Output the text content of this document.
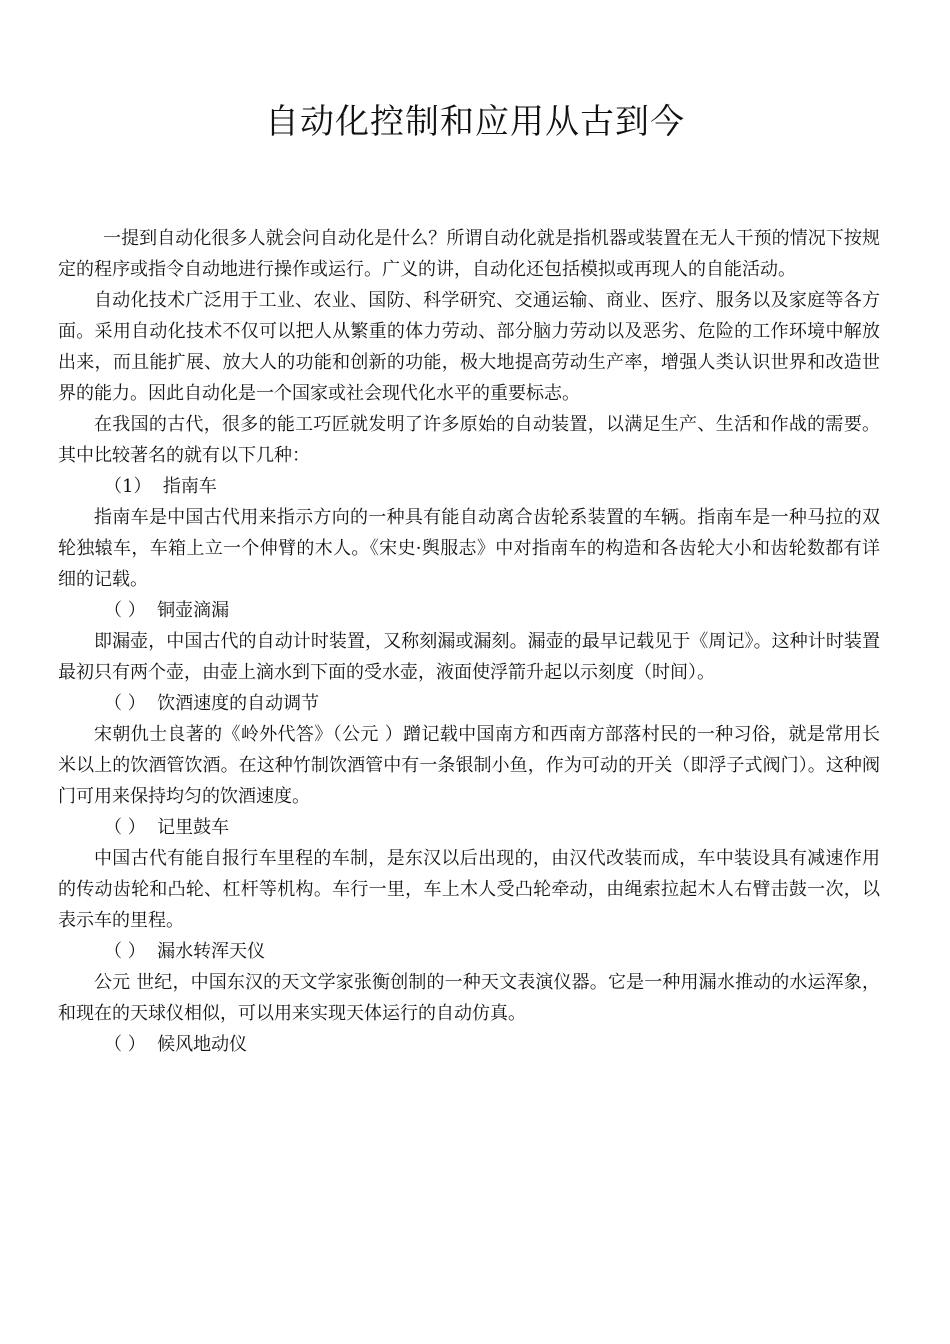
自动化控制和应用从古到今

一提到自动化很多人就会问自动化是什么？所谓自动化就是指机器或装置在无人干预的情况下按规定的程序或指令自动地进行操作或运行。广义的讲，自动化还包括模拟或再现人的自能活动。

自动化技术广泛用于工业、农业、国防、科学研究、交通运输、商业、医疗、服务以及家庭等各方面。采用自动化技术不仅可以把人从繁重的体力劳动、部分脑力劳动以及恶劣、危险的工作环境中解放出来，而且能扩展、放大人的功能和创新的功能，极大地提高劳动生产率，增强人类认识世界和改造世界的能力。因此自动化是一个国家或社会现代化水平的重要标志。

在我国的古代，很多的能工巧匠就发明了许多原始的自动装置，以满足生产、生活和作战的需要。其中比较著名的就有以下几种：

（1）  指南车

指南车是中国古代用来指示方向的一种具有能自动离合齿轮系装置的车辆。指南车是一种马拉的双轮独辕车，车箱上立一个伸臂的木人。《宋史·舆服志》中对指南车的构造和各齿轮大小和齿轮数都有详细的记载。

（ ）  铜壶滴漏

即漏壶，中国古代的自动计时装置，又称刻漏或漏刻。漏壶的最早记载见于《周记》。这种计时装置最初只有两个壶，由壶上滴水到下面的受水壶，液面使浮箭升起以示刻度（时间）。

（ ）  饮酒速度的自动调节

宋朝仇士良著的《岭外代答》（公元 ）蹭记载中国南方和西南方部落村民的一种习俗，就是常用长 米以上的饮酒管饮酒。在这种竹制饮酒管中有一条银制小鱼，作为可动的开关（即浮子式阀门）。这种阀门可用来保持均匀的饮酒速度。

（ ）  记里鼓车

中国古代有能自报行车里程的车制，是东汉以后出现的，由汉代改装而成，车中装设具有减速作用的传动齿轮和凸轮、杠杆等机构。车行一里，车上木人受凸轮牵动，由绳索拉起木人右臂击鼓一次，以表示车的里程。

（ ）  漏水转浑天仪

公元 世纪，中国东汉的天文学家张衡创制的一种天文表演仪器。它是一种用漏水推动的水运浑象，和现在的天球仪相似，可以用来实现天体运行的自动仿真。

（ ）  候风地动仪
